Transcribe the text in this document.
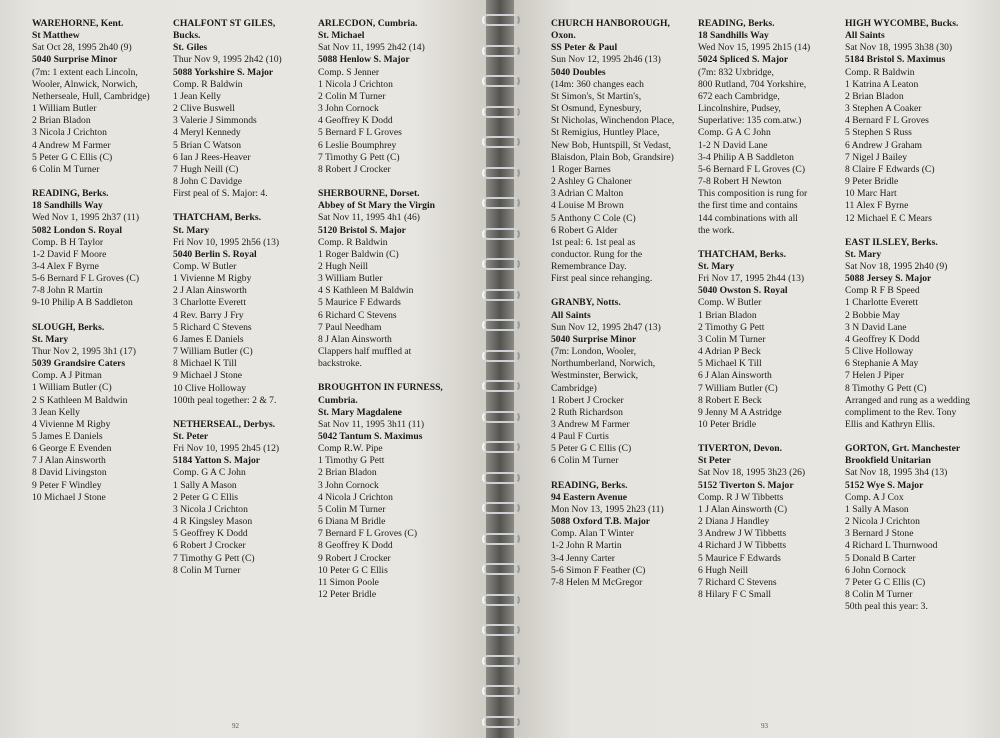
92	93
WAREHORNE, Kent.
St Matthew
Sat Oct 28, 1995 2h40 (9)
5040 Surprise Minor
(7m: 1 extent each Lincoln,
Wooler, Alnwick, Norwich,
Netherseale, Hull, Cambridge)
1 William Butler
2 Brian Bladon
3 Nicola J Crichton
4 Andrew M Farmer
5 Peter G C Ellis (C)
6 Colin M Turner
READING, Berks.
18 Sandhills Way
Wed Nov 1, 1995 2h37 (11)
5082 London S. Royal
Comp. B H Taylor
1-2 David F Moore
3-4 Alex F Byrne
5-6 Bernard F L Groves (C)
7-8 John R Martin
9-10 Philip A B Saddleton
SLOUGH, Berks.
St. Mary
Thur Nov 2, 1995 3h1 (17)
5039 Grandsire Caters
Comp. A J Pitman
1 William Butler (C)
2 S Kathleen M Baldwin
3 Jean Kelly
4 Vivienne M Rigby
5 James E Daniels
6 George E Evenden
7 J Alan Ainsworth
8 David Livingston
9 Peter F Windley
10 Michael J Stone
CHALFONT ST GILES,
Bucks.
St. Giles
Thur Nov 9, 1995 2h42 (10)
5088 Yorkshire S. Major
Comp. R Baldwin
1 Jean Kelly
2 Clive Buswell
3 Valerie J Simmonds
4 Meryl Kennedy
5 Brian C Watson
6 Ian J Rees-Heaver
7 Hugh Neill (C)
8 John C Davidge
First peal of S. Major: 4.
THATCHAM, Berks.
St. Mary
Fri Nov 10, 1995 2h56 (13)
5040 Berlin S. Royal
Comp. W Butler
1 Vivienne M Rigby
2 J Alan Ainsworth
3 Charlotte Everett
4 Rev. Barry J Fry
5 Richard C Stevens
6 James E Daniels
7 William Butler (C)
8 Michael K Till
9 Michael J Stone
10 Clive Holloway
100th peal together: 2 & 7.
NETHERSEAL, Derbys.
St. Peter
Fri Nov 10, 1995 2h45 (12)
5184 Yatton S. Major
Comp. G A C John
1 Sally A Mason
2 Peter G C Ellis
3 Nicola J Crichton
4 R Kingsley Mason
5 Geoffrey K Dodd
6 Robert J Crocker
7 Timothy G Pett (C)
8 Colin M Turner
ARLECDON, Cumbria.
St. Michael
Sat Nov 11, 1995 2h42 (14)
5088 Henlow S. Major
Comp. S Jenner
1 Nicola J Crichton
2 Colin M Turner
3 John Cornock
4 Geoffrey K Dodd
5 Bernard F L Groves
6 Leslie Boumphrey
7 Timothy G Pett (C)
8 Robert J Crocker
SHERBOURNE, Dorset.
Abbey of St Mary the Virgin
Sat Nov 11, 1995 4h1 (46)
5120 Bristol S. Major
Comp. R Baldwin
1 Roger Baldwin (C)
2 Hugh Neill
3 William Butler
4 S Kathleen M Baldwin
5 Maurice F Edwards
6 Richard C Stevens
7 Paul Needham
8 J Alan Ainsworth
Clappers half muffled at
backstroke.
BROUGHTON IN FURNESS,
Cumbria.
St. Mary Magdalene
Sat Nov 11, 1995 3h11 (11)
5042 Tantum S. Maximus
Comp R.W. Pipe
1 Timothy G Pett
2 Brian Bladon
3 John Cornock
4 Nicola J Crichton
5 Colin M Turner
6 Diana M Bridle
7 Bernard F L Groves (C)
8 Geoffrey K Dodd
9 Robert J Crocker
10 Peter G C Ellis
11 Simon Poole
12 Peter Bridle
CHURCH HANBOROUGH,
Oxon.
SS Peter & Paul
Sun Nov 12, 1995 2h46 (13)
5040 Doubles
(14m: 360 changes each
St Simon's, St Martin's,
St Osmund, Eynesbury,
St Nicholas, Winchendon Place,
St Remigius, Huntley Place,
New Bob, Huntspill, St Vedast,
Blaisdon, Plain Bob, Grandsire)
1 Roger Barnes
2 Ashley G Chaloner
3 Adrian C Malton
4 Louise M Brown
5 Anthony C Cole (C)
6 Robert G Alder
1st peal: 6. 1st peal as
conductor. Rung for the
Remembrance Day.
First peal since rehanging.
GRANBY, Notts.
All Saints
Sun Nov 12, 1995 2h47 (13)
5040 Surprise Minor
(7m: London, Wooler,
Northumberland, Norwich,
Westminster, Berwick,
Cambridge)
1 Robert J Crocker
2 Ruth Richardson
3 Andrew M Farmer
4 Paul F Curtis
5 Peter G C Ellis (C)
6 Colin M Turner
READING, Berks.
94 Eastern Avenue
Mon Nov 13, 1995 2h23 (11)
5088 Oxford T.B. Major
Comp. Alan T Winter
1-2 John R Martin
3-4 Jenny Carter
5-6 Simon F Feather (C)
7-8 Helen M McGregor
READING, Berks.
18 Sandhills Way
Wed Nov 15, 1995 2h15 (14)
5024 Spliced S. Major
(7m: 832 Uxbridge,
800 Rutland, 704 Yorkshire,
672 each Cambridge,
Lincolnshire, Pudsey,
Superlative: 135 com.atw.)
Comp. G A C John
1-2 N David Lane
3-4 Philip A B Saddleton
5-6 Bernard F L Groves (C)
7-8 Robert H Newton
This composition is rung for
the first time and contains
144 combinations with all
the work.
THATCHAM, Berks.
St. Mary
Fri Nov 17, 1995 2h44 (13)
5040 Owston S. Royal
Comp. W Butler
1 Brian Bladon
2 Timothy G Pett
3 Colin M Turner
4 Adrian P Beck
5 Michael K Till
6 J Alan Ainsworth
7 William Butler (C)
8 Robert E Beck
9 Jenny M A Astridge
10 Peter Bridle
TIVERTON, Devon.
St Peter
Sat Nov 18, 1995 3h23 (26)
5152 Tiverton S. Major
Comp. R J W Tibbetts
1 J Alan Ainsworth (C)
2 Diana J Handley
3 Andrew J W Tibbetts
4 Richard J W Tibbetts
5 Maurice F Edwards
6 Hugh Neill
7 Richard C Stevens
8 Hilary F C Small
HIGH WYCOMBE, Bucks.
All Saints
Sat Nov 18, 1995 3h38 (30)
5184 Bristol S. Maximus
Comp. R Baldwin
1 Katrina A Leaton
2 Brian Bladon
3 Stephen A Coaker
4 Bernard F L Groves
5 Stephen S Russ
6 Andrew J Graham
7 Nigel J Bailey
8 Claire F Edwards (C)
9 Peter Bridle
10 Marc Hart
11 Alex F Byrne
12 Michael E C Mears
EAST ILSLEY, Berks.
St. Mary
Sat Nov 18, 1995 2h40 (9)
5088 Jersey S. Major
Comp R F B Speed
1 Charlotte Everett
2 Bobbie May
3 N David Lane
4 Geoffrey K Dodd
5 Clive Holloway
6 Stephanie A May
7 Helen J Piper
8 Timothy G Pett (C)
Arranged and rung as a wedding
compliment to the Rev. Tony
Ellis and Kathryn Ellis.
GORTON, Grt. Manchester
Brookfield Unitarian
Sat Nov 18, 1995 3h4 (13)
5152 Wye S. Major
Comp. A J Cox
1 Sally A Mason
2 Nicola J Crichton
3 Bernard J Stone
4 Richard L Thurnwood
5 Donald B Carter
6 John Cornock
7 Peter G C Ellis (C)
8 Colin M Turner
50th peal this year: 3.
